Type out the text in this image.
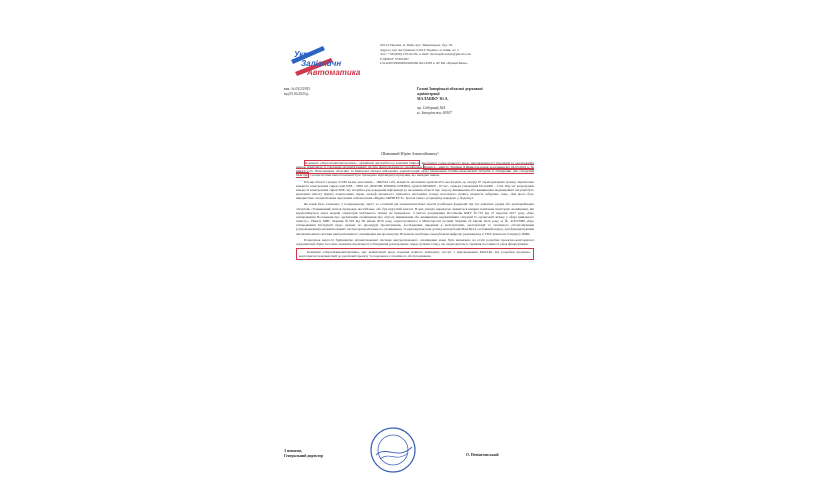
Укр
Залізничн
Автоматика
01014 Україна, м. Київ, вул. Звіринецька, буд. 59.
Адреса для листування: 01014 Україна, м. Київ, а/с 2
Тел.: +38 (066) 105-92-02, e-mail: movingdiveskyi@gmail.com
ЄДРПОУ 37401997
UA343052990000026006016214393 в АТ КБ «ПриватБанк»
вих. № 03/23/015
від 05.04.2023 р.
Голові Запорізької обласної державної
адміністрації
МАЛАШКУ Ю.А.
пр. Соборний,164
м. Запоріжжя, 69107
Шановний Юрію Анатолійовичу!

Компанія «Укрзалізничавтоматика», офіційний дистриб'ютор компанії Digitex висловлює слова кількості щодо запровадженості продукції та реалізованих нашою компанією зі створення автоматизованих систем централізованого оповіщення Прем'єр - міністр України Д.Шмигаль надав доручення від 04.03.2023 р. № 9494/1/1-23. Начальникам обласних та Київської міської військових адміністрацій щодо визначення техніко-економічної потреби в обладнанні для створення МАСЦО Спеціалістами нашої компанії було проведено відповідні розрахунки, що наведені нижче.

Площа області складає 27180 кв.км, населення – 1682534 осіб, кількість населених пунктів 953, які входять до складу 67 територіальних громад. Орієнтовна кількість електронних сирен серії DSE – 2859 шт. (DSE300, DSE600, DSE900), пульти DPS4000 – 67 шт., сервера управління DCA4000 – 2 шт. Під час розрахунків кількості електронних сирен DSE, що потрібна для доведення інформації до населення області про загрозу виникнення або виникнення надзвичайної ситуації було враховано висоту підвісу електронних сирен, рельєф місцевості, щільність населення, площу населеного пункту, кількість забудови, тощо. Для цього було використано спеціалізоване програмне забезпечення «Digitex ARHITECT». Зразок такого розрахунку наведено у Додатку1.

Як нами було зазначено у попередньому листі, за останній рік повномасштабної агресії російської федерації під час ракетних ударів або артилерійських обстрілів, стільниковий зв'язок працював нестабільно або був відсутній взагалі. В цих умовах перевагою являються кінцеві технічних пристроїв оповіщення, які керуватимуться через мережі операторів мобільного зв'язку не працювало. З метою дотримання Постанови КМУ №733 від 27 вересня 2017 року «Про затвердження Положення про організацію оповіщення про загрозу виникнення або виникнення надзвичайних ситуацій та організації зв'язку у сфері цивільного захисту», Наказу МВС України №593 від 08 липня 2019 року, зареєстрованого в Міністерстві юстиції України 22 квітня 2019 року за № 418/33389 «Про затвердження Інструкції щодо правил по процедурі проектування, дослідження, введення в експлуатацію, експлуатації та технічного обслуговування (супроводження) автоматизованих систем централізованого оповіщення» та враховуючи наш досвід експлуатації МАСЦО в особливий період, для функціонування автоматизованої системи централізованого оповіщення ми пропонуємо IP канали, необхідно передбачити цифрову радіомережу в УКХ діапазоні стандарту DMR.

Розрахунок вартості будівництва автоматизованої системи централізованого оповіщення може бути визначено на етапі розробки проектно-кошторисної документації. Крім того ціна залежить від кількості обладнання (електронних сирен, пультів тощо), що закуповуються, термінів поставки та умов фінансування.

Компанія «Укрзалізничавтоматика» має компетенції щодо надання повного комплексу послуг з впровадження МАСЦО, від розробки проектно-кошторисної документації до реалізації проекту та подальшого технічного обслуговування.

З повагою,
Генеральний директор	О. Невінгловський
